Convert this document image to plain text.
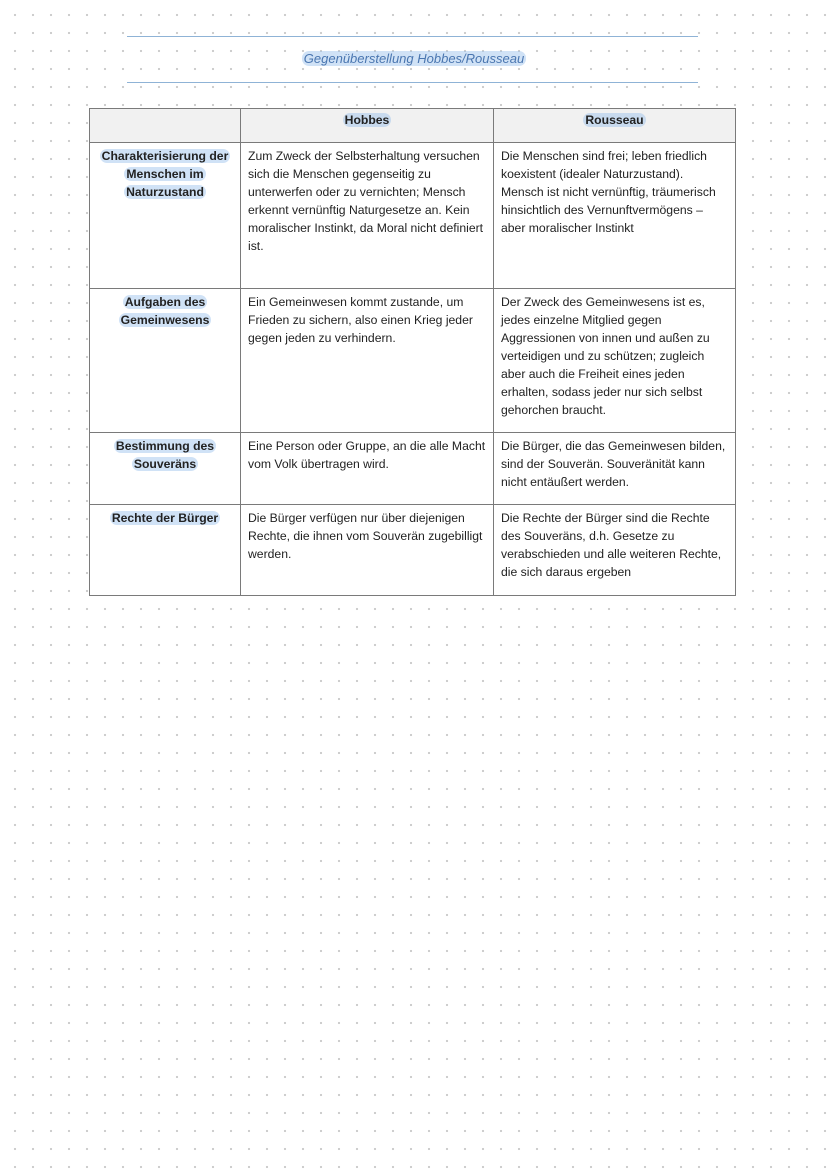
Gegenüberstellung Hobbes/Rousseau
	Hobbes	Rousseau
Charakterisierung der Menschen im Naturzustand	Zum Zweck der Selbsterhaltung versuchen sich die Menschen gegenseitig zu unterwerfen oder zu vernichten; Mensch erkennt vernünftig Naturgesetze an. Kein moralischer Instinkt, da Moral nicht definiert ist.	Die Menschen sind frei; leben friedlich koexistent (idealer Naturzustand). Mensch ist nicht vernünftig, träumerisch hinsichtlich des Vernunftvermögens – aber moralischer Instinkt
Aufgaben des Gemeinwesens	Ein Gemeinwesen kommt zustande, um Frieden zu sichern, also einen Krieg jeder gegen jeden zu verhindern.	Der Zweck des Gemeinwesens ist es, jedes einzelne Mitglied gegen Aggressionen von innen und außen zu verteidigen und zu schützen; zugleich aber auch die Freiheit eines jeden erhalten, sodass jeder nur sich selbst gehorchen braucht.
Bestimmung des Souveräns	Eine Person oder Gruppe, an die alle Macht vom Volk übertragen wird.	Die Bürger, die das Gemeinwesen bilden, sind der Souverän. Souveränität kann nicht entäußert werden.
Rechte der Bürger	Die Bürger verfügen nur über diejenigen Rechte, die ihnen vom Souverän zugebilligt werden.	Die Rechte der Bürger sind die Rechte des Souveräns, d.h. Gesetze zu verabschieden und alle weiteren Rechte, die sich daraus ergeben
